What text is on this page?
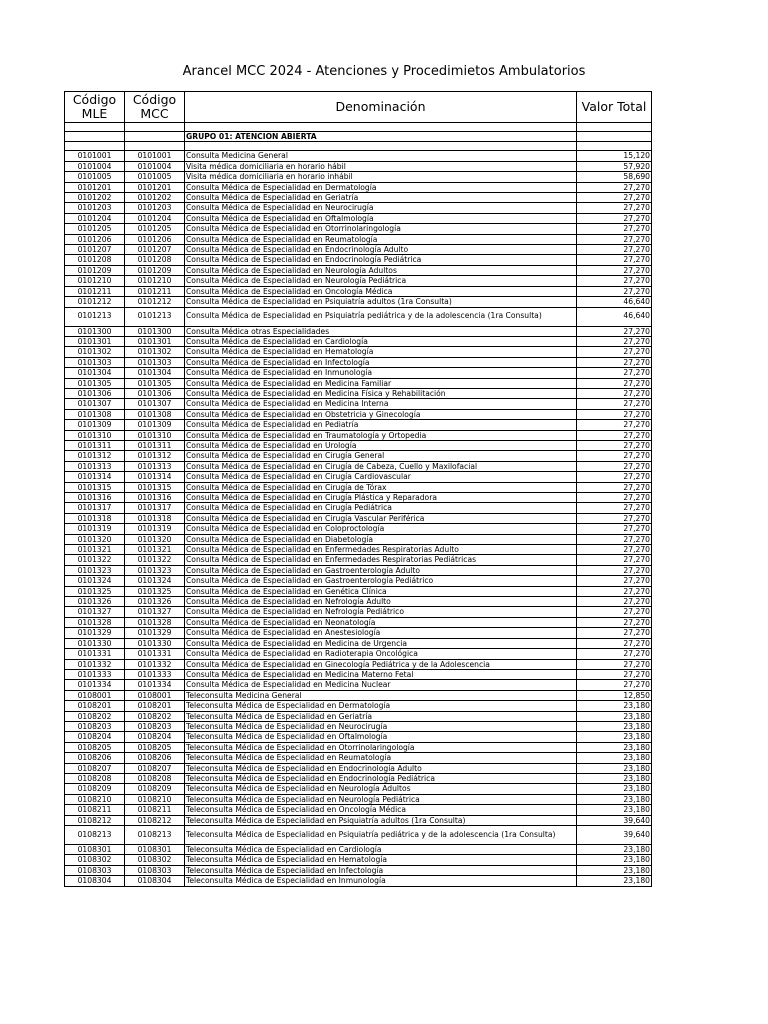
Arancel MCC 2024 - Atenciones y Procedimietos Ambulatorios
Código MLE	Código MCC	Denominación	Valor Total

		GRUPO 01: ATENCION ABIERTA	

0101001	0101001	Consulta Medicina General	15,120
0101004	0101004	Visita médica domiciliaria en horario hábil	57,920
0101005	0101005	Visita médica domiciliaria en horario inhábil	58,690
0101201	0101201	Consulta Médica de Especialidad en Dermatología	27,270
0101202	0101202	Consulta Médica de Especialidad en Geriatría	27,270
0101203	0101203	Consulta Médica de Especialidad en Neurocirugía	27,270
0101204	0101204	Consulta Médica de Especialidad en Oftalmología	27,270
0101205	0101205	Consulta Médica de Especialidad en Otorrinolaringología	27,270
0101206	0101206	Consulta Médica de Especialidad en Reumatología	27,270
0101207	0101207	Consulta Médica de Especialidad en Endocrinología Adulto	27,270
0101208	0101208	Consulta Médica de Especialidad en Endocrinología Pediátrica	27,270
0101209	0101209	Consulta Médica de Especialidad en Neurología Adultos	27,270
0101210	0101210	Consulta Médica de Especialidad en Neurología Pediátrica	27,270
0101211	0101211	Consulta Médica de Especialidad en Oncología Médica	27,270
0101212	0101212	Consulta Médica de Especialidad en Psiquiatría adultos (1ra Consulta)	46,640
0101213	0101213	Consulta Médica de Especialidad en Psiquiatría pediátrica y de la adolescencia (1ra Consulta)	46,640
0101300	0101300	Consulta Médica otras Especialidades	27,270
0101301	0101301	Consulta Médica de Especialidad en Cardiología	27,270
0101302	0101302	Consulta Médica de Especialidad en Hematología	27,270
0101303	0101303	Consulta Médica de Especialidad en Infectología	27,270
0101304	0101304	Consulta Médica de Especialidad en Inmunología	27,270
0101305	0101305	Consulta Médica de Especialidad en Medicina Familiar	27,270
0101306	0101306	Consulta Médica de Especialidad en Medicina Física y Rehabilitación	27,270
0101307	0101307	Consulta Médica de Especialidad en Medicina Interna	27,270
0101308	0101308	Consulta Médica de Especialidad en Obstetricia y Ginecología	27,270
0101309	0101309	Consulta Médica de Especialidad en Pediatría	27,270
0101310	0101310	Consulta Médica de Especialidad en Traumatología y Ortopedia	27,270
0101311	0101311	Consulta Médica de Especialidad en Urología	27,270
0101312	0101312	Consulta Médica de Especialidad en Cirugía General	27,270
0101313	0101313	Consulta Médica de Especialidad en Cirugía de Cabeza, Cuello y Maxilofacial	27,270
0101314	0101314	Consulta Médica de Especialidad en Cirugía Cardiovascular	27,270
0101315	0101315	Consulta Médica de Especialidad en Cirugía de Tórax	27,270
0101316	0101316	Consulta Médica de Especialidad en Cirugía Plástica y Reparadora	27,270
0101317	0101317	Consulta Médica de Especialidad en Cirugía Pediátrica	27,270
0101318	0101318	Consulta Médica de Especialidad en Cirugía Vascular Periférica	27,270
0101319	0101319	Consulta Médica de Especialidad en Coloproctología	27,270
0101320	0101320	Consulta Médica de Especialidad en Diabetología	27,270
0101321	0101321	Consulta Médica de Especialidad en Enfermedades Respiratorias Adulto	27,270
0101322	0101322	Consulta Médica de Especialidad en Enfermedades Respiratorias Pediátricas	27,270
0101323	0101323	Consulta Médica de Especialidad en Gastroenterología Adulto	27,270
0101324	0101324	Consulta Médica de Especialidad en Gastroenterología Pediátrico	27,270
0101325	0101325	Consulta Médica de Especialidad en Genética Clínica	27,270
0101326	0101326	Consulta Médica de Especialidad en Nefrología Adulto	27,270
0101327	0101327	Consulta Médica de Especialidad en Nefrología Pediátrico	27,270
0101328	0101328	Consulta Médica de Especialidad en Neonatología	27,270
0101329	0101329	Consulta Médica de Especialidad en Anestesiología	27,270
0101330	0101330	Consulta Médica de Especialidad en Medicina de Urgencia	27,270
0101331	0101331	Consulta Médica de Especialidad en Radioterapia Oncológica	27,270
0101332	0101332	Consulta Médica de Especialidad en Ginecología Pediátrica y de la Adolescencia	27,270
0101333	0101333	Consulta Médica de Especialidad en Medicina Materno Fetal	27,270
0101334	0101334	Consulta Médica de Especialidad en Medicina Nuclear	27,270
0108001	0108001	Teleconsulta Medicina General	12,850
0108201	0108201	Teleconsulta Médica de Especialidad en Dermatología	23,180
0108202	0108202	Teleconsulta Médica de Especialidad en Geriatría	23,180
0108203	0108203	Teleconsulta Médica de Especialidad en Neurocirugía	23,180
0108204	0108204	Teleconsulta Médica de Especialidad en Oftalmología	23,180
0108205	0108205	Teleconsulta Médica de Especialidad en Otorrinolaringología	23,180
0108206	0108206	Teleconsulta Médica de Especialidad en Reumatología	23,180
0108207	0108207	Teleconsulta Médica de Especialidad en Endocrinología Adulto	23,180
0108208	0108208	Teleconsulta Médica de Especialidad en Endocrinología Pediátrica	23,180
0108209	0108209	Teleconsulta Médica de Especialidad en Neurología Adultos	23,180
0108210	0108210	Teleconsulta Médica de Especialidad en Neurología Pediátrica	23,180
0108211	0108211	Teleconsulta Médica de Especialidad en Oncología Médica	23,180
0108212	0108212	Teleconsulta Médica de Especialidad en Psiquiatría adultos (1ra Consulta)	39,640
0108213	0108213	Teleconsulta Médica de Especialidad en Psiquiatría pediátrica y de la adolescencia (1ra Consulta)	39,640
0108301	0108301	Teleconsulta Médica de Especialidad en Cardiología	23,180
0108302	0108302	Teleconsulta Médica de Especialidad en Hematología	23,180
0108303	0108303	Teleconsulta Médica de Especialidad en Infectología	23,180
0108304	0108304	Teleconsulta Médica de Especialidad en Inmunología	23,180
